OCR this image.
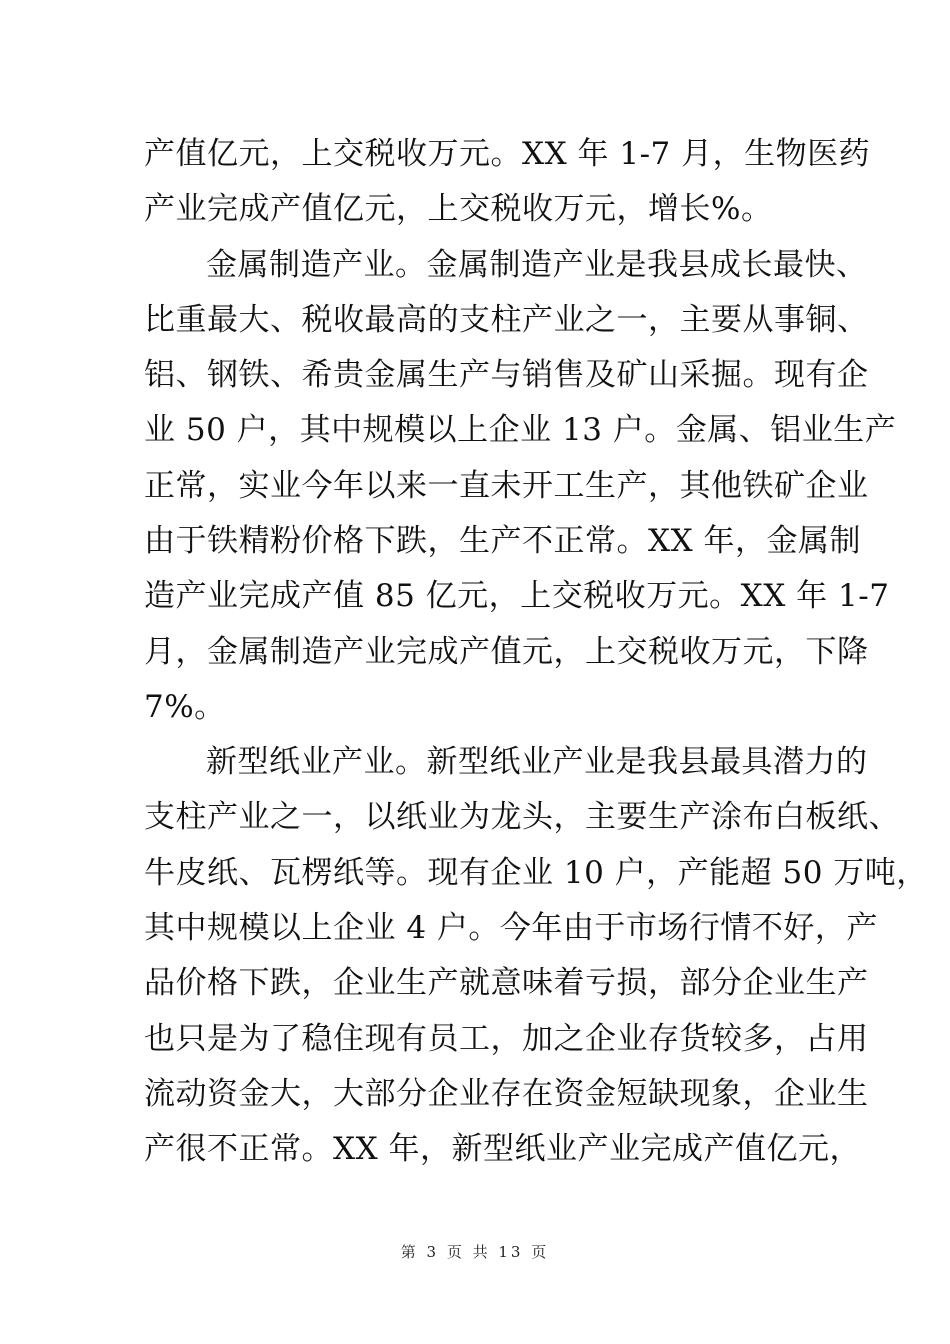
产值亿元，上交税收万元。XX 年 1-7 月，生物医药
产业完成产值亿元，上交税收万元，增长%。
金属制造产业。金属制造产业是我县成长最快、
比重最大、税收最高的支柱产业之一，主要从事铜、
铝、钢铁、希贵金属生产与销售及矿山采掘。现有企
业 50 户，其中规模以上企业 13 户。金属、铝业生产
正常，实业今年以来一直未开工生产，其他铁矿企业
由于铁精粉价格下跌，生产不正常。XX 年，金属制
造产业完成产值 85 亿元，上交税收万元。XX 年 1-7
月，金属制造产业完成产值元，上交税收万元，下降
7%。
新型纸业产业。新型纸业产业是我县最具潜力的
支柱产业之一，以纸业为龙头，主要生产涂布白板纸、
牛皮纸、瓦楞纸等。现有企业 10 户，产能超 50 万吨，
其中规模以上企业 4 户。今年由于市场行情不好，产
品价格下跌，企业生产就意味着亏损，部分企业生产
也只是为了稳住现有员工，加之企业存货较多，占用
流动资金大，大部分企业存在资金短缺现象，企业生
产很不正常。XX 年，新型纸业产业完成产值亿元，
第 3 页 共 13 页
